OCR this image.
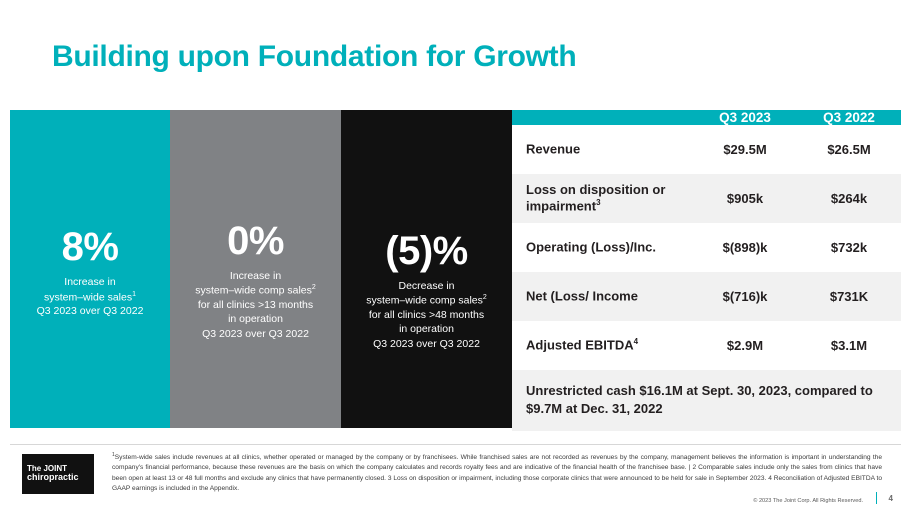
Building upon Foundation for Growth
8%
Increase in
system–wide sales$^1$
Q3 2023 over Q3 2022
0%
Increase in
system–wide comp sales$^2$
for all clinics >13 months
in operation
Q3 2023 over Q3 2022
(5)%
Decrease in
system–wide comp sales$^2$
for all clinics >48 months
in operation
Q3 2023 over Q3 2022
Q3 2023	Q3 2022
Revenue	$29.5M	$26.5M
Loss on disposition or impairment$^3$	$905k	$264k
Operating (Loss)/Inc.	$(898)k	$732k
Net (Loss/ Income	$(716)k	$731K
Adjusted EBITDA$^4$	$2.9M	$3.1M
Unrestricted cash $16.1M at Sept. 30, 2023, compared to $9.7M at Dec. 31, 2022
The JOINT
chiropractic
$^1$System-wide sales include revenues at all clinics, whether operated or managed by the company or by franchisees. While franchised sales are not recorded as revenues by the company, management believes the information is important in understanding the company's financial performance, because these revenues are the basis on which the company calculates and records royalty fees and are indicative of the financial health of the franchisee base. | 2 Comparable sales include only the sales from clinics that have been open at least 13 or 48 full months and exclude any clinics that have permanently closed. 3 Loss on disposition or impairment, including those corporate clinics that were announced to be held for sale in September 2023. 4 Reconciliation of Adjusted EBITDA to GAAP earnings is included in the Appendix.
© 2023 The Joint Corp. All Rights Reserved.	4
